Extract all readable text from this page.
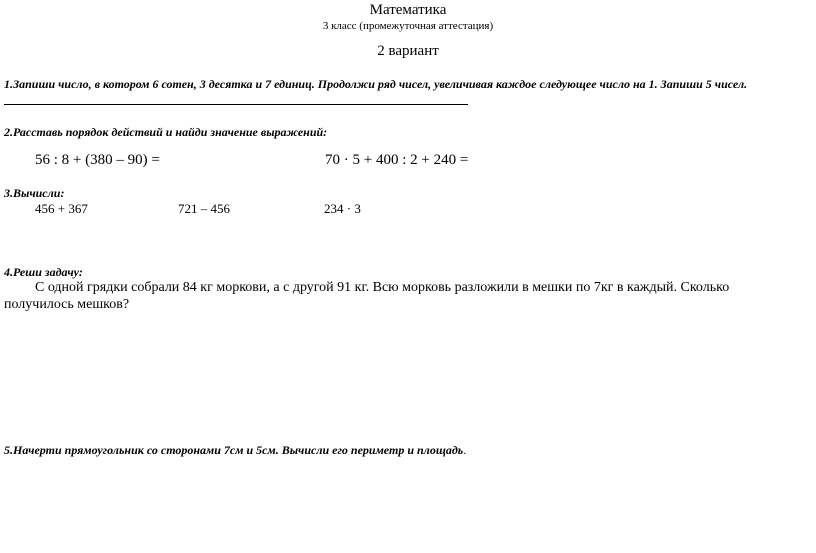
Математика
3 класс (промежуточная аттестация)
2 вариант
1.Запиши число, в котором 6 сотен, 3 десятка и 7 единиц. Продолжи ряд чисел, увеличивая каждое следующее число на 1. Запиши 5 чисел.
2.Расставь порядок действий и найди значение выражений:
56 : 8 + (380 – 90) =	70 · 5 + 400 : 2 + 240 =
3.Вычисли:
456 + 367	721 – 456	234 · 3
4.Реши задачу:
С одной грядки собрали 84 кг моркови, а с другой 91 кг. Всю морковь разложили в мешки по 7кг в каждый. Сколько
получилось мешков?
5.Начерти прямоугольник со сторонами 7см и 5см. Вычисли его периметр и площадь.
